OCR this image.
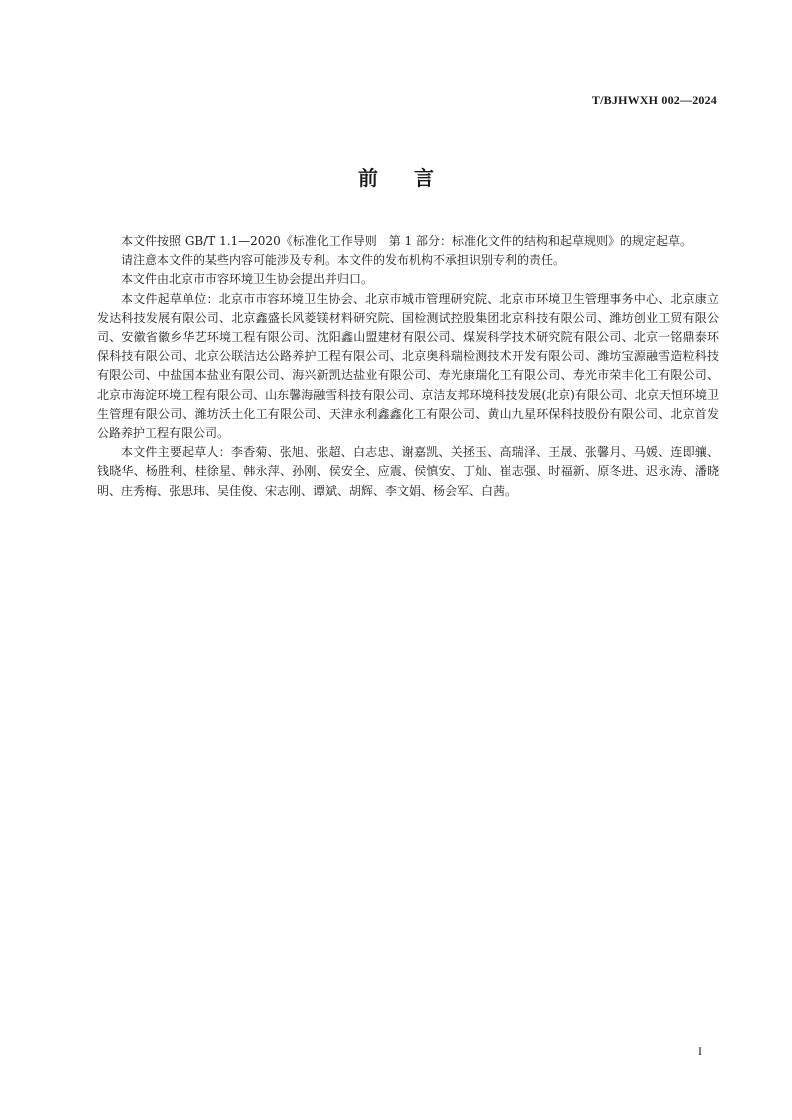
T/BJHWXH 002—2024
前言

本文件按照 GB/T 1.1—2020《标准化工作导则　第 1 部分：标准化文件的结构和起草规则》的规定起草。

请注意本文件的某些内容可能涉及专利。本文件的发布机构不承担识别专利的责任。

本文件由北京市市容环境卫生协会提出并归口。

本文件起草单位：北京市市容环境卫生协会、北京市城市管理研究院、北京市环境卫生管理事务中心、北京康立发达科技发展有限公司、北京鑫盛长风菱镁材料研究院、国检测试控股集团北京科技有限公司、潍坊创业工贸有限公司、安徽省徽乡华艺环境工程有限公司、沈阳鑫山盟建材有限公司、煤炭科学技术研究院有限公司、北京一铭鼎泰环保科技有限公司、北京公联洁达公路养护工程有限公司、北京奥科瑞检测技术开发有限公司、潍坊宝源融雪造粒科技有限公司、中盐国本盐业有限公司、海兴新凯达盐业有限公司、寿光康瑞化工有限公司、寿光市荣丰化工有限公司、北京市海淀环境工程有限公司、山东馨海融雪科技有限公司、京洁友邦环境科技发展(北京)有限公司、北京天恒环境卫生管理有限公司、潍坊沃土化工有限公司、天津永利鑫鑫化工有限公司、黄山九星环保科技股份有限公司、北京首发公路养护工程有限公司。

本文件主要起草人：李香菊、张旭、张超、白志忠、谢嘉凯、关拯玉、高瑞泽、王晟、张馨月、马媛、连即骧、钱晓华、杨胜利、桂徐星、韩永萍、孙刚、侯安全、应震、侯慎安、丁灿、崔志强、时福新、原冬进、迟永涛、潘晓明、庄秀梅、张思玮、吴佳俊、宋志刚、谭斌、胡辉、李文娟、杨会军、白茜。

I
